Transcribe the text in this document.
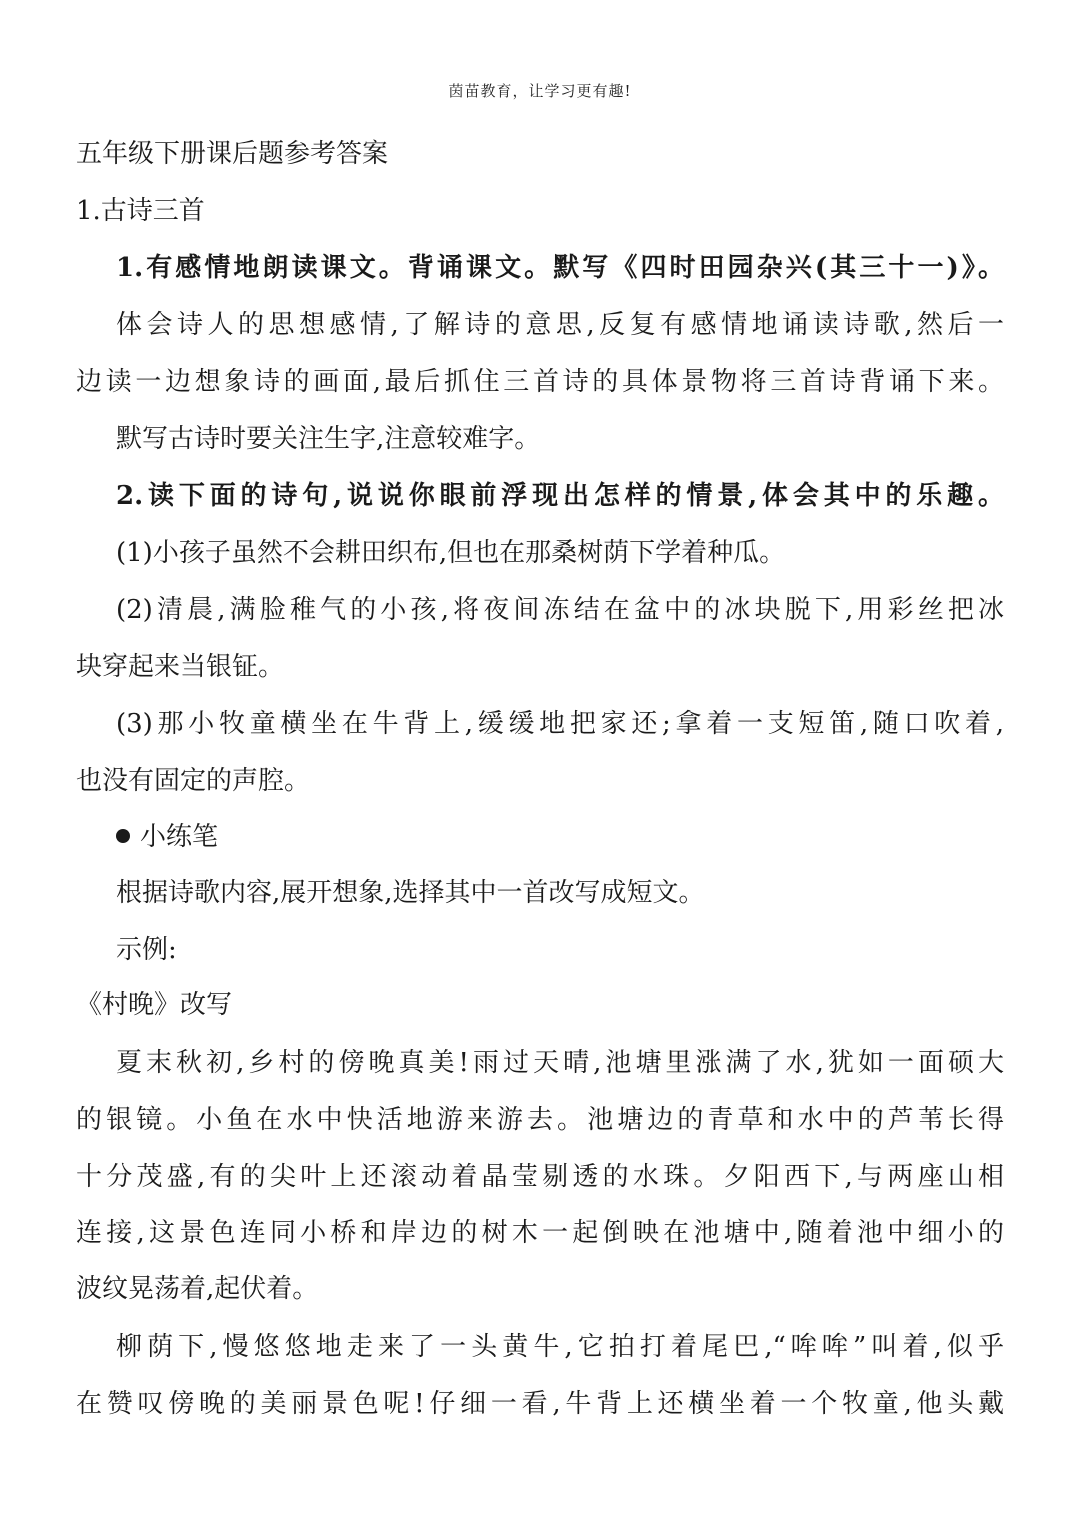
茵苗教育，让学习更有趣!
五年级下册课后题参考答案
1.古诗三首
1.有感情地朗读课文。背诵课文。默写《四时田园杂兴(其三十一)》。
体会诗人的思想感情,了解诗的意思,反复有感情地诵读诗歌,然后一
边读一边想象诗的画面,最后抓住三首诗的具体景物将三首诗背诵下来。
默写古诗时要关注生字,注意较难字。
2.读下面的诗句,说说你眼前浮现出怎样的情景,体会其中的乐趣。
(1)小孩子虽然不会耕田织布,但也在那桑树荫下学着种瓜。
(2)清晨,满脸稚气的小孩,将夜间冻结在盆中的冰块脱下,用彩丝把冰
块穿起来当银钲。
(3)那小牧童横坐在牛背上,缓缓地把家还;拿着一支短笛,随口吹着,
也没有固定的声腔。
小练笔
根据诗歌内容,展开想象,选择其中一首改写成短文。
示例:
《村晚》改写
夏末秋初,乡村的傍晚真美!雨过天晴,池塘里涨满了水,犹如一面硕大
的银镜。小鱼在水中快活地游来游去。池塘边的青草和水中的芦苇长得
十分茂盛,有的尖叶上还滚动着晶莹剔透的水珠。夕阳西下,与两座山相
连接,这景色连同小桥和岸边的树木一起倒映在池塘中,随着池中细小的
波纹晃荡着,起伏着。
柳荫下,慢悠悠地走来了一头黄牛,它拍打着尾巴,“哞哞”叫着,似乎
在赞叹傍晚的美丽景色呢!仔细一看,牛背上还横坐着一个牧童,他头戴
